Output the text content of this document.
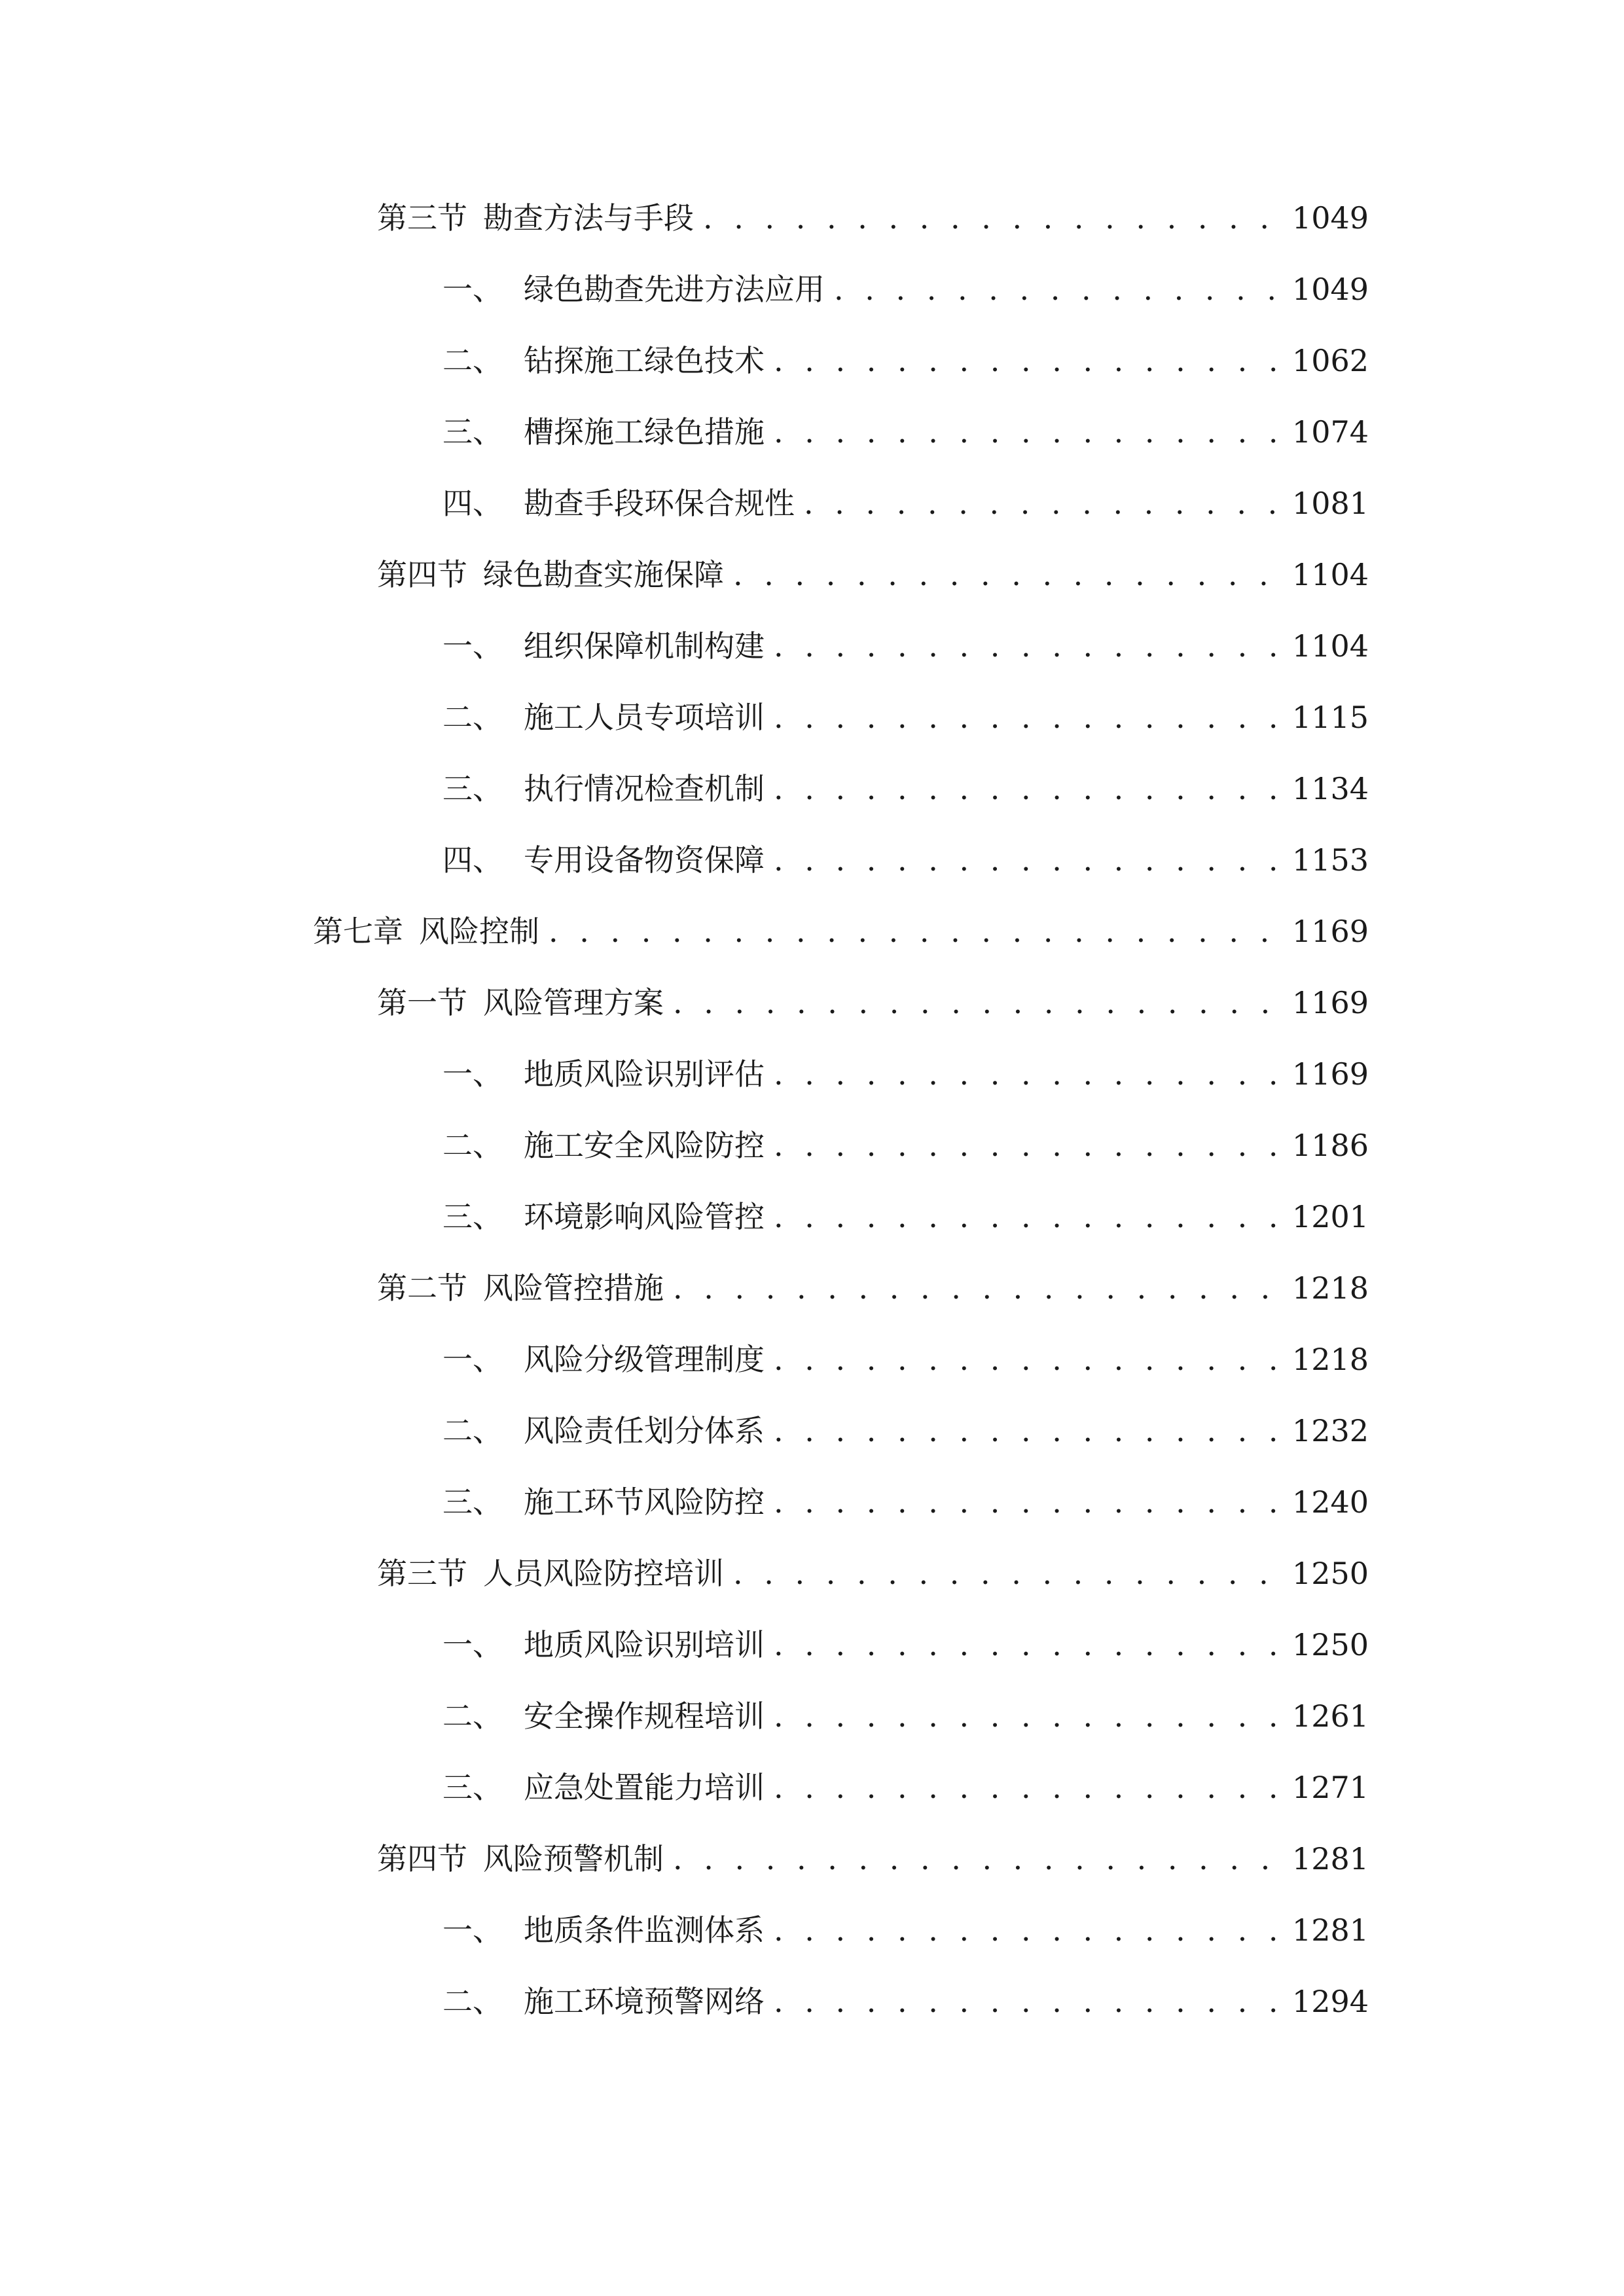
第三节 勘查方法与手段 . . .	1049
一、 绿色勘查先进方法应用 . . .	1049
二、 钻探施工绿色技术 . . .	1062
三、 槽探施工绿色措施 . . .	1074
四、 勘查手段环保合规性 . . .	1081
第四节 绿色勘查实施保障 . . .	1104
一、 组织保障机制构建 . . .	1104
二、 施工人员专项培训 . . .	1115
三、 执行情况检查机制 . . .	1134
四、 专用设备物资保障 . . .	1153
第七章 风险控制 . . .	1169
第一节 风险管理方案 . . .	1169
一、 地质风险识别评估 . . .	1169
二、 施工安全风险防控 . . .	1186
三、 环境影响风险管控 . . .	1201
第二节 风险管控措施 . . .	1218
一、 风险分级管理制度 . . .	1218
二、 风险责任划分体系 . . .	1232
三、 施工环节风险防控 . . .	1240
第三节 人员风险防控培训 . . .	1250
一、 地质风险识别培训 . . .	1250
二、 安全操作规程培训 . . .	1261
三、 应急处置能力培训 . . .	1271
第四节 风险预警机制 . . .	1281
一、 地质条件监测体系 . . .	1281
二、 施工环境预警网络 . . .	1294
